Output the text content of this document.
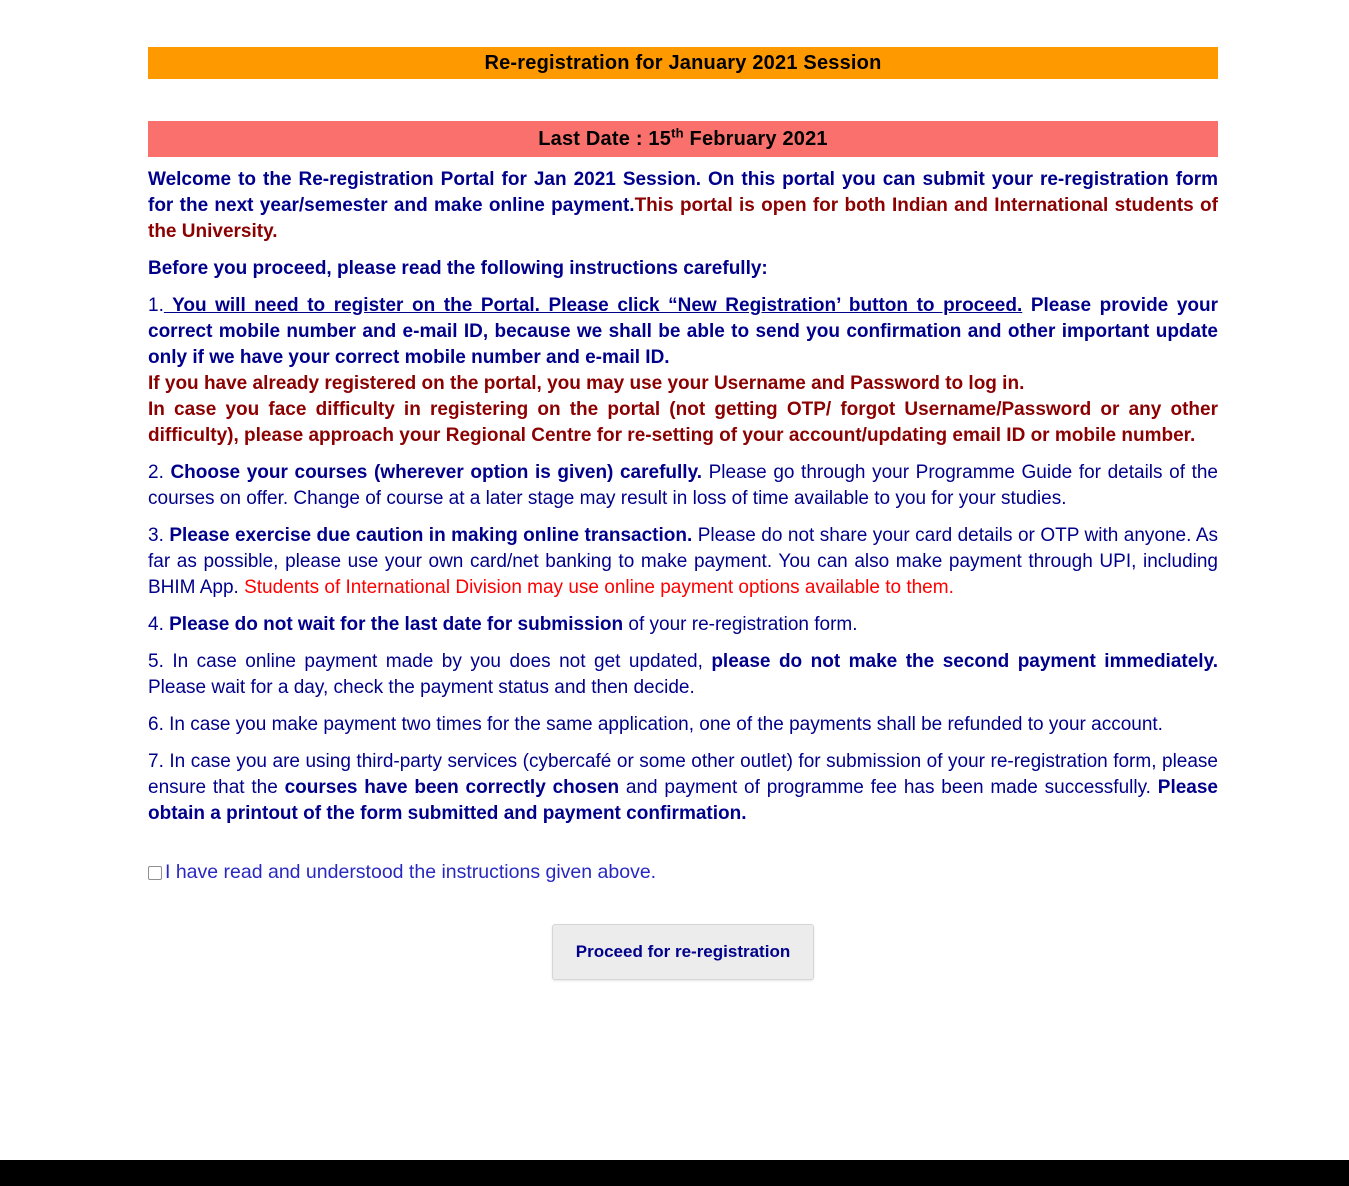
Re-registration for January 2021 Session
Last Date : 15th February 2021

Welcome to the Re-registration Portal for Jan 2021 Session. On this portal you can submit your re-registration form for the next year/semester and make online payment.This portal is open for both Indian and International students of the University.

Before you proceed, please read the following instructions carefully:

1. You will need to register on the Portal. Please click “New Registration’ button to proceed. Please provide your correct mobile number and e-mail ID, because we shall be able to send you confirmation and other important update only if we have your correct mobile number and e-mail ID.
If you have already registered on the portal, you may use your Username and Password to log in.
In case you face difficulty in registering on the portal (not getting OTP/ forgot Username/Password or any other difficulty), please approach your Regional Centre for re-setting of your account/updating email ID or mobile number.

2. Choose your courses (wherever option is given) carefully. Please go through your Programme Guide for details of the courses on offer. Change of course at a later stage may result in loss of time available to you for your studies.

3. Please exercise due caution in making online transaction. Please do not share your card details or OTP with anyone. As far as possible, please use your own card/net banking to make payment. You can also make payment through UPI, including BHIM App. Students of International Division may use online payment options available to them.

4. Please do not wait for the last date for submission of your re-registration form.

5. In case online payment made by you does not get updated, please do not make the second payment immediately. Please wait for a day, check the payment status and then decide.

6. In case you make payment two times for the same application, one of the payments shall be refunded to your account.

7. In case you are using third-party services (cybercafé or some other outlet) for submission of your re-registration form, please ensure that the courses have been correctly chosen and payment of programme fee has been made successfully. Please obtain a printout of the form submitted and payment confirmation.

I have read and understood the instructions given above.
Proceed for re-registration
